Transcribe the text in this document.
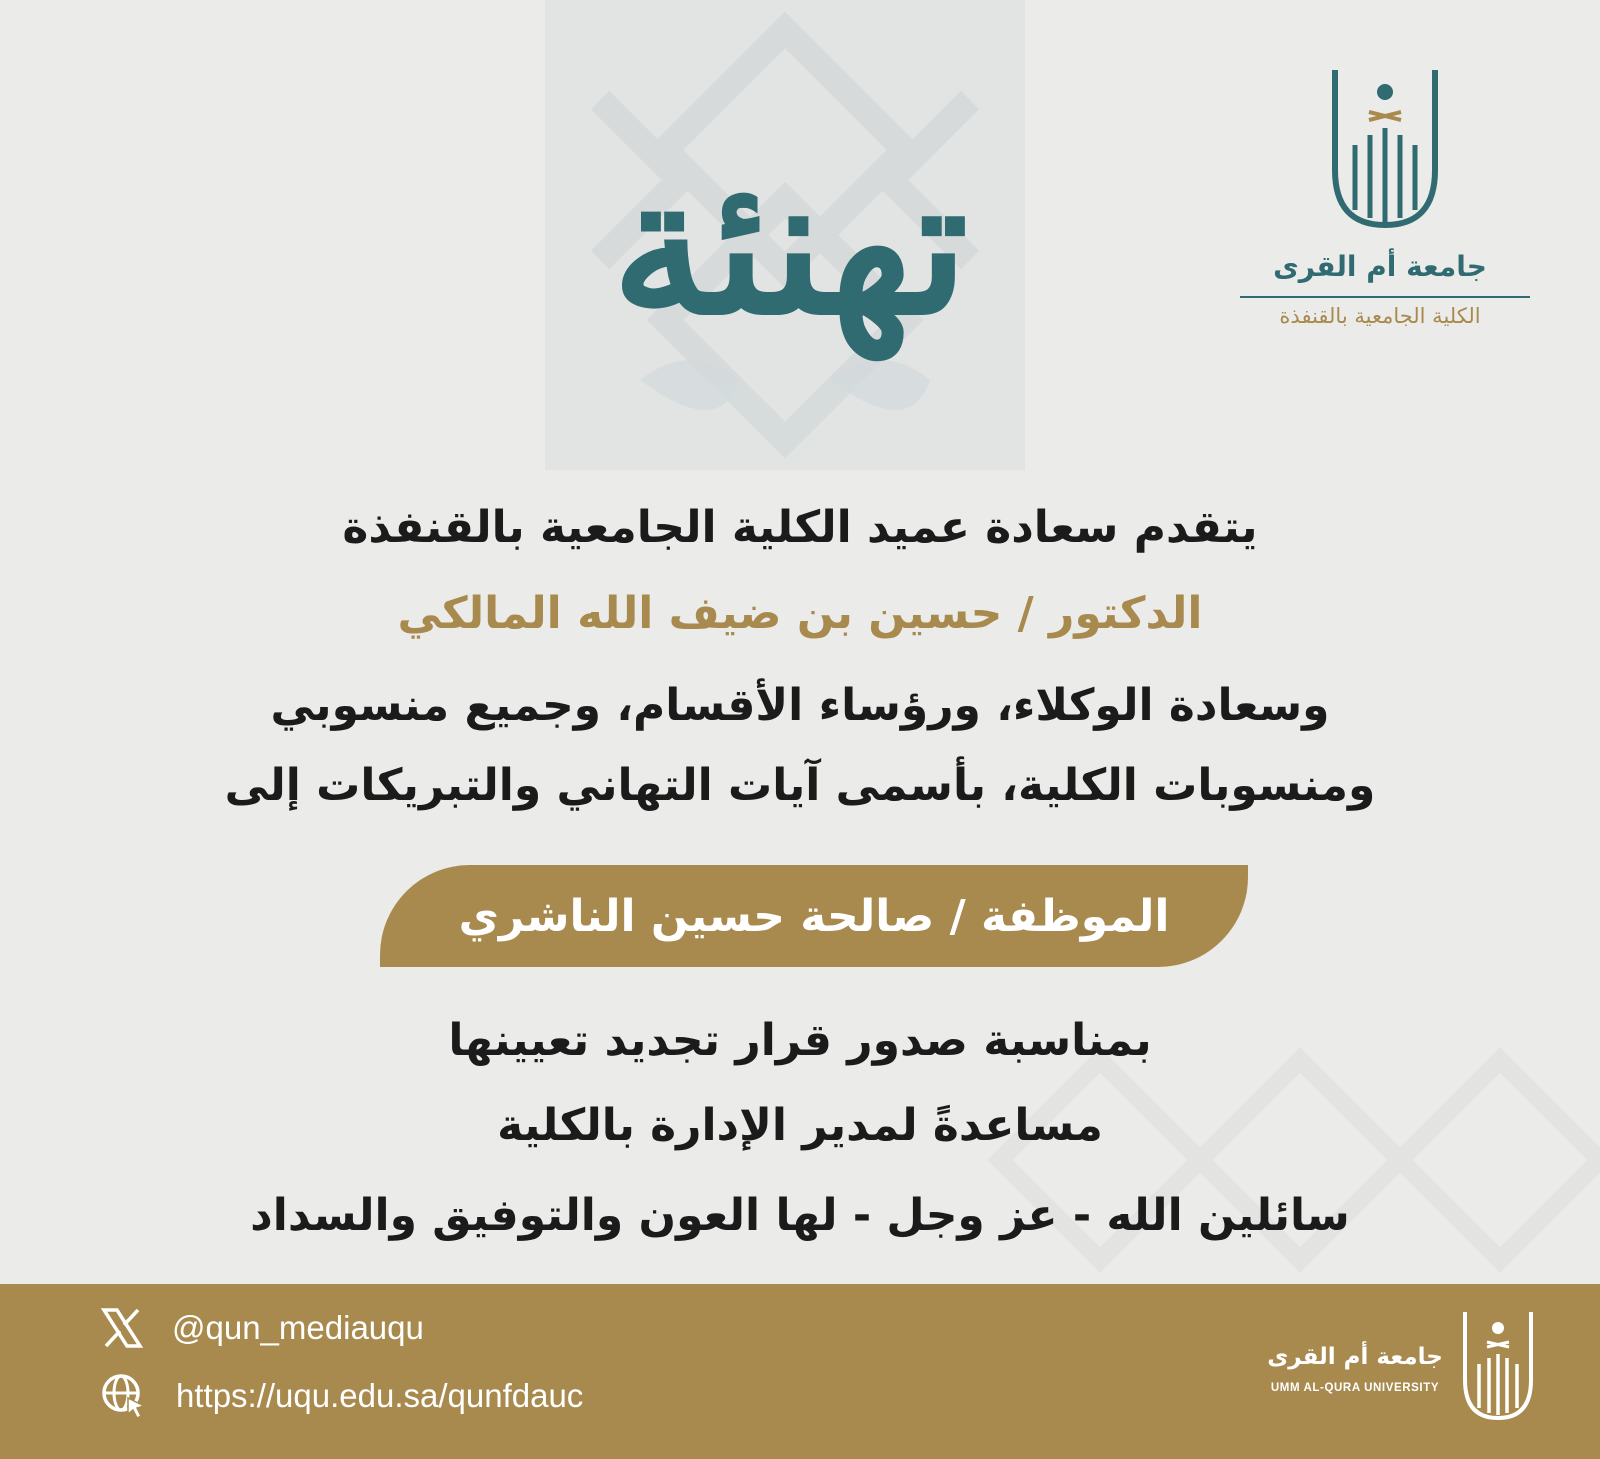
جامعة أم القرى
الكلية الجامعية بالقنفذة
تهنئة
يتقدم سعادة عميد الكلية الجامعية بالقنفذة
الدكتور / حسين بن ضيف الله المالكي
وسعادة الوكلاء، ورؤساء الأقسام، وجميع منسوبي
ومنسوبات الكلية، بأسمى آيات التهاني والتبريكات إلى
الموظفة / صالحة حسين الناشري
بمناسبة صدور قرار تجديد تعيينها
مساعدةً لمدير الإدارة بالكلية
سائلين الله - عز وجل - لها العون والتوفيق والسداد
@qun_mediauqu
https://uqu.edu.sa/qunfdauc
جامعة أم القرى
UMM AL-QURA UNIVERSITY
